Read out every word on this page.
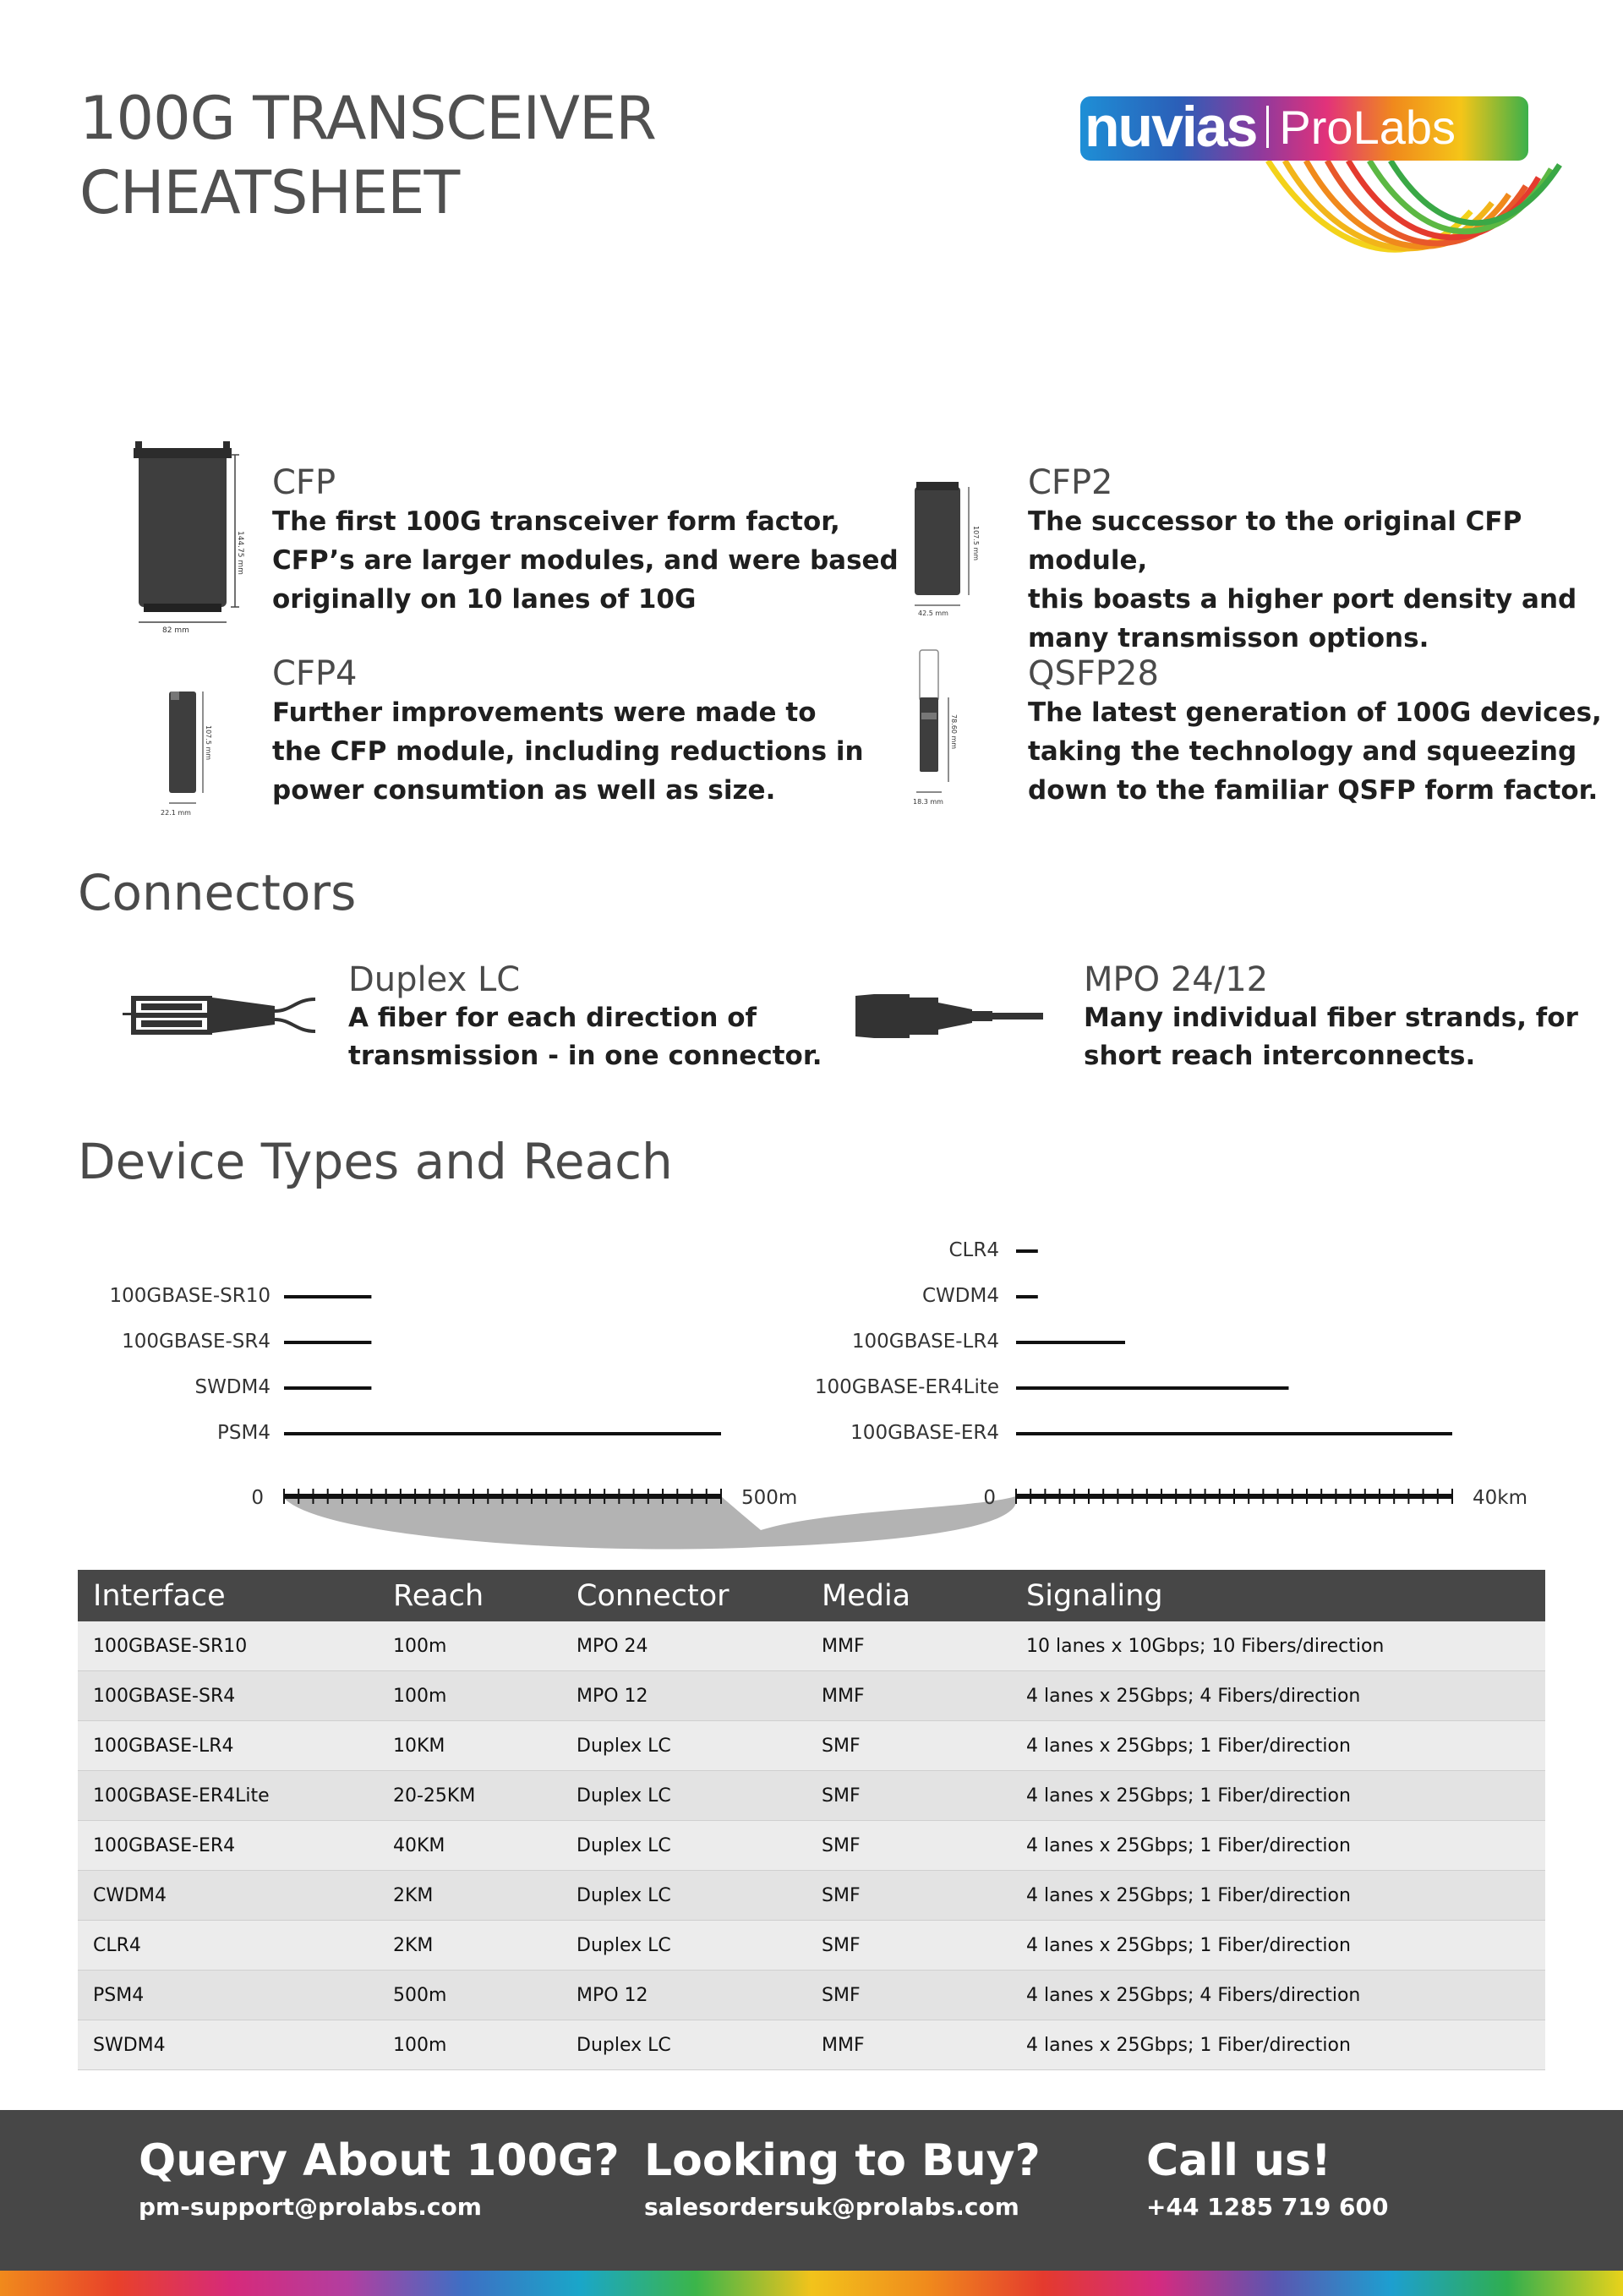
100G TRANSCEIVER
CHEATSHEET
nuvias ProLabs
144.75 mm
82 mm
107.5 mm
42.5 mm
107.5 mm
22.1 mm
78.60 mm
18.3 mm
CFP
The first 100G transceiver form factor,
CFP’s are larger modules, and were based
originally on 10 lanes of 10G
CFP2
The successor to the original CFP module,
this boasts a higher port density and
many transmisson options.
CFP4
Further improvements were made to
the CFP module, including reductions in
power consumtion as well as size.
QSFP28
The latest generation of 100G devices,
taking the technology and squeezing
down to the familiar QSFP form factor.
Connectors
Duplex LC
A fiber for each direction of
transmission - in one connector.
MPO 24/12
Many individual fiber strands, for
short reach interconnects.
Device Types and Reach
100GBASE-SR10
100GBASE-SR4
SWDM4
PSM4
0	500m
CLR4
CWDM4
100GBASE-LR4
100GBASE-ER4Lite
100GBASE-ER4
0	40km
Interface	Reach	Connector	Media	Signaling
100GBASE-SR10	100m	MPO 24	MMF	10 lanes x 10Gbps; 10 Fibers/direction
100GBASE-SR4	100m	MPO 12	MMF	4 lanes x 25Gbps; 4 Fibers/direction
100GBASE-LR4	10KM	Duplex LC	SMF	4 lanes x 25Gbps; 1 Fiber/direction
100GBASE-ER4Lite	20-25KM	Duplex LC	SMF	4 lanes x 25Gbps; 1 Fiber/direction
100GBASE-ER4	40KM	Duplex LC	SMF	4 lanes x 25Gbps; 1 Fiber/direction
CWDM4	2KM	Duplex LC	SMF	4 lanes x 25Gbps; 1 Fiber/direction
CLR4	2KM	Duplex LC	SMF	4 lanes x 25Gbps; 1 Fiber/direction
PSM4	500m	MPO 12	SMF	4 lanes x 25Gbps; 4 Fibers/direction
SWDM4	100m	Duplex LC	MMF	4 lanes x 25Gbps; 1 Fiber/direction
Query About 100G?
pm-support@prolabs.com
Looking to Buy?
salesordersuk@prolabs.com
Call us!
+44 1285 719 600
